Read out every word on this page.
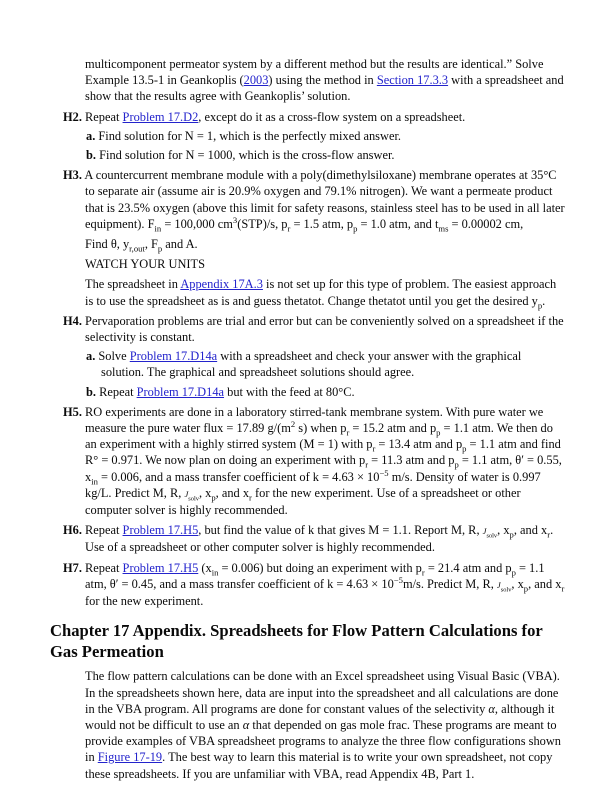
multicomponent permeator system by a different method but the results are identical.” Solve Example 13.5-1 in Geankoplis (2003) using the method in Section 17.3.3 with a spreadsheet and show that the results agree with Geankoplis’ solution.
H2. Repeat Problem 17.D2, except do it as a cross-flow system on a spreadsheet.
a. Find solution for N = 1, which is the perfectly mixed answer.
b. Find solution for N = 1000, which is the cross-flow answer.
H3. A countercurrent membrane module with a poly(dimethylsiloxane) membrane operates at 35°C to separate air (assume air is 20.9% oxygen and 79.1% nitrogen). We want a permeate product that is 23.5% oxygen (above this limit for safety reasons, stainless steel has to be used in all later equipment). $F_{in} = 100,000$ $cm^3(STP)/s$, $p_r = 1.5$ atm, $p_p = 1.0$ atm, and $t_{ms} = 0.00002$ cm,
Find θ, $y_{r,out}$, $F_p$ and A.
WATCH YOUR UNITS
The spreadsheet in Appendix 17A.3 is not set up for this type of problem. The easiest approach is to use the spreadsheet as is and guess thetatot. Change thetatot until you get the desired $y_p$.
H4. Pervaporation problems are trial and error but can be conveniently solved on a spreadsheet if the selectivity is constant.
a. Solve Problem 17.D14a with a spreadsheet and check your answer with the graphical solution. The graphical and spreadsheet solutions should agree.
b. Repeat Problem 17.D14a but with the feed at 80°C.
H5. RO experiments are done in a laboratory stirred-tank membrane system. With pure water we measure the pure water flux = 17.89 $g/(m^2$ s) when $p_r = 15.2$ atm and $p_p = 1.1$ atm. We then do an experiment with a highly stirred system (M = 1) with $p_r = 13.4$ atm and $p_p = 1.1$ atm and find R° = 0.971. We now plan on doing an experiment with $p_r = 11.3$ atm and $p_p = 1.1$ atm, θ′ = 0.55, $x_{in} = 0.006$, and a mass transfer coefficient of $k = 4.63 \times 10^{-5}$ m/s. Density of water is 0.997 kg/L. Predict M, R, $J_{solv}$, $x_p$, and $x_r$ for the new experiment. Use of a spreadsheet or other computer solver is highly recommended.
H6. Repeat Problem 17.H5, but find the value of k that gives M = 1.1. Report M, R, $J_{solv}$, $x_p$, and $x_r$. Use of a spreadsheet or other computer solver is highly recommended.
H7. Repeat Problem 17.H5 $(x_{in} = 0.006)$ but doing an experiment with $p_r = 21.4$ atm and $p_p = 1.1$ atm, θ′ = 0.45, and a mass transfer coefficient of $k = 4.63 \times 10^{-5}m/s$. Predict M, R, $J_{solv}$, $x_p$, and $x_r$ for the new experiment.
Chapter 17 Appendix. Spreadsheets for Flow Pattern Calculations for Gas Permeation
The flow pattern calculations can be done with an Excel spreadsheet using Visual Basic (VBA). In the spreadsheets shown here, data are input into the spreadsheet and all calculations are done in the VBA program. All programs are done for constant values of the selectivity α, although it would not be difficult to use an α that depended on gas mole frac. These programs are meant to provide examples of VBA spreadsheet programs to analyze the three flow configurations shown in Figure 17-19. The best way to learn this material is to write your own spreadsheet, not copy these spreadsheets. If you are unfamiliar with VBA, read Appendix 4B, Part 1.
